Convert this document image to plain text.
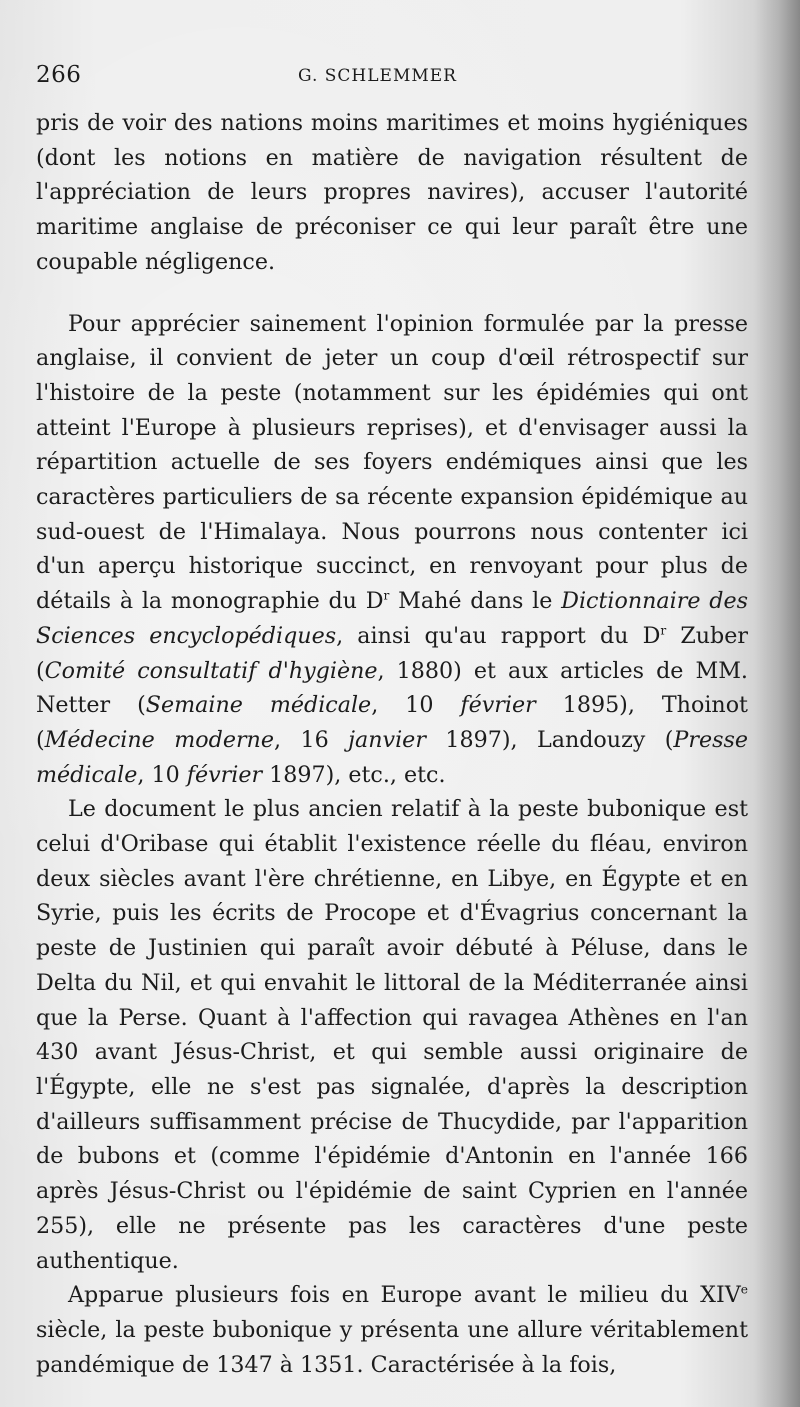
266	G. SCHLEMMER

pris de voir des nations moins maritimes et moins hygiéniques (dont les notions en matière de navigation résultent de l'appréciation de leurs propres navires), accuser l'autorité maritime anglaise de préconiser ce qui leur paraît être une coupable négligence.

Pour apprécier sainement l'opinion formulée par la presse anglaise, il convient de jeter un coup d'œil rétrospectif sur l'histoire de la peste (notamment sur les épidémies qui ont atteint l'Europe à plusieurs reprises), et d'envisager aussi la répartition actuelle de ses foyers endémiques ainsi que les caractères particuliers de sa récente expansion épidémique au sud-ouest de l'Himalaya. Nous pourrons nous contenter ici d'un aperçu historique succinct, en renvoyant pour plus de détails à la monographie du $D^r$ Mahé dans le Dictionnaire des Sciences encyclopédiques, ainsi qu'au rapport du $D^r$ Zuber (Comité consultatif d'hygiène, 1880) et aux articles de MM. Netter (Semaine médicale, 10 février 1895), Thoinot (Médecine moderne, 16 janvier 1897), Landouzy (Presse médicale, 10 février 1897), etc., etc.

Le document le plus ancien relatif à la peste bubonique est celui d'Oribase qui établit l'existence réelle du fléau, environ deux siècles avant l'ère chrétienne, en Libye, en Égypte et en Syrie, puis les écrits de Procope et d'Évagrius concernant la peste de Justinien qui paraît avoir débuté à Péluse, dans le Delta du Nil, et qui envahit le littoral de la Méditerranée ainsi que la Perse. Quant à l'affection qui ravagea Athènes en l'an 430 avant Jésus-Christ, et qui semble aussi originaire de l'Égypte, elle ne s'est pas signalée, d'après la description d'ailleurs suffisamment précise de Thucydide, par l'apparition de bubons et (comme l'épidémie d'Antonin en l'année 166 après Jésus-Christ ou l'épidémie de saint Cyprien en l'année 255), elle ne présente pas les caractères d'une peste authentique.

Apparue plusieurs fois en Europe avant le milieu du XIVe siècle, la peste bubonique y présenta une allure véritablement pandémique de 1347 à 1351. Caractérisée à la fois,
